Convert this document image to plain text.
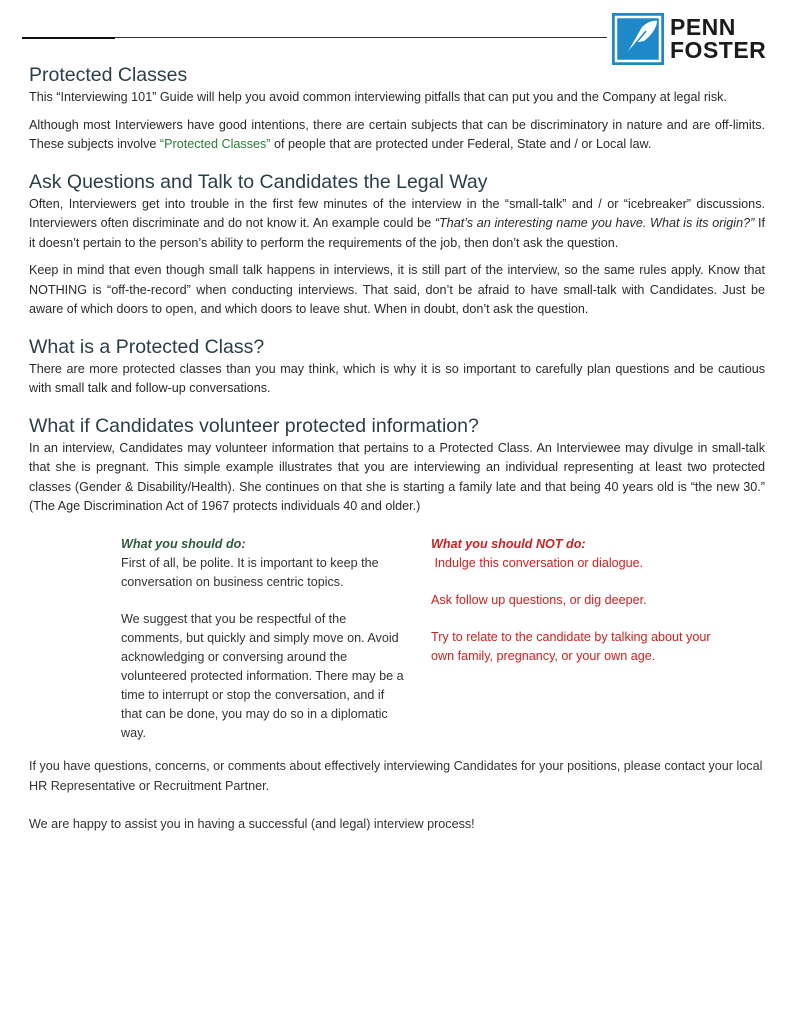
PENN
FOSTER
Protected Classes

This “Interviewing 101” Guide will help you avoid common interviewing pitfalls that can put you and the Company at legal risk.

Although most Interviewers have good intentions, there are certain subjects that can be discriminatory in nature and are off-limits. These subjects involve “Protected Classes” of people that are protected under Federal, State and / or Local law.

Ask Questions and Talk to Candidates the Legal Way

Often, Interviewers get into trouble in the first few minutes of the interview in the “small-talk” and / or “icebreaker” discussions. Interviewers often discriminate and do not know it. An example could be “That’s an interesting name you have. What is its origin?” If it doesn’t pertain to the person’s ability to perform the requirements of the job, then don’t ask the question.

Keep in mind that even though small talk happens in interviews, it is still part of the interview, so the same rules apply. Know that NOTHING is “off-the-record” when conducting interviews. That said, don’t be afraid to have small-talk with Candidates. Just be aware of which doors to open, and which doors to leave shut. When in doubt, don’t ask the question.

What is a Protected Class?

There are more protected classes than you may think, which is why it is so important to carefully plan questions and be cautious with small talk and follow-up conversations.

What if Candidates volunteer protected information?

In an interview, Candidates may volunteer information that pertains to a Protected Class. An Interviewee may divulge in small-talk that she is pregnant. This simple example illustrates that you are interviewing an individual representing at least two protected classes (Gender & Disability/Health). She continues on that she is starting a family late and that being 40 years old is “the new 30.” (The Age Discrimination Act of 1967 protects individuals 40 and older.)

What you should do:

First of all, be polite. It is important to keep the conversation on business centric topics.

We suggest that you be respectful of the comments, but quickly and simply move on. Avoid acknowledging or conversing around the volunteered protected information. There may be a time to interrupt or stop the conversation, and if that can be done, you may do so in a diplomatic way.

What you should NOT do:

Indulge this conversation or dialogue.

Ask follow up questions, or dig deeper.

Try to relate to the candidate by talking about your own family, pregnancy, or your own age.

If you have questions, concerns, or comments about effectively interviewing Candidates for your positions, please contact your local HR Representative or Recruitment Partner.

We are happy to assist you in having a successful (and legal) interview process!
